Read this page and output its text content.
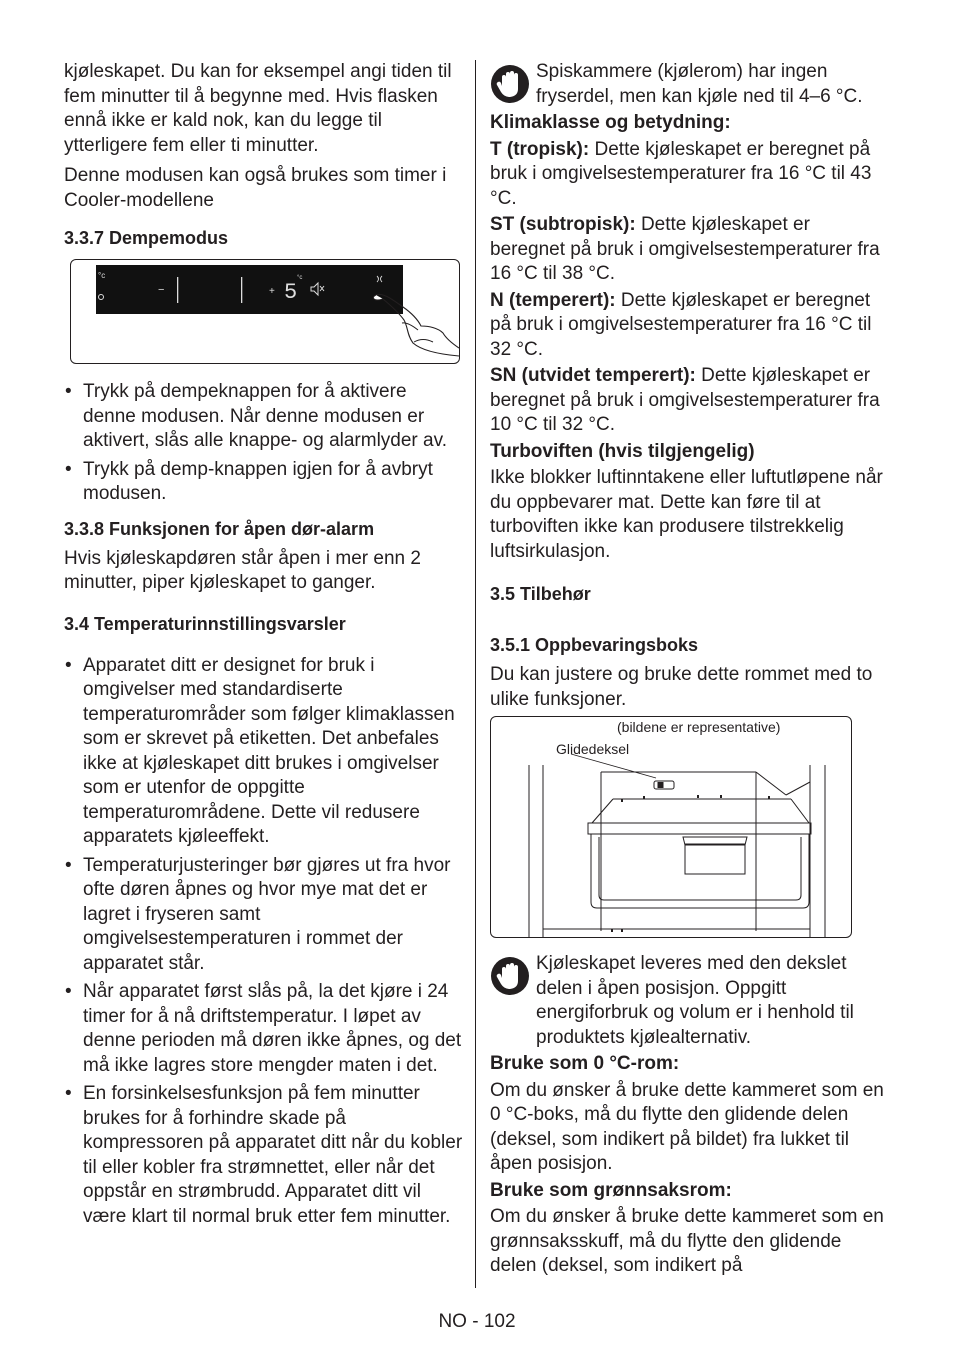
kjøleskapet. Du kan for eksempel angi tiden til fem minutter til å begynne med. Hvis flasken ennå ikke er kald nok, kan du legge til ytterligere fem eller ti minutter.

Denne modusen kan også brukes som timer i Cooler-modellene

3.3.7 Dempemodus
°c
−	+ 5
°c
• Trykk på dempeknappen for å aktivere denne modusen. Når denne modusen er aktivert, slås alle knappe- og alarmlyder av.
• Trykk på demp-knappen igjen for å avbryt modusen.
3.3.8 Funksjonen for åpen dør-alarm

Hvis kjøleskapdøren står åpen i mer enn 2 minutter, piper kjøleskapet to ganger.

3.4 Temperaturinnstillingsvarsler
• Apparatet ditt er designet for bruk i omgivelser med standardiserte temperaturområder som følger klimaklassen som er skrevet på etiketten. Det anbefales ikke at kjøleskapet ditt brukes i omgivelser som er utenfor de oppgitte temperaturområdene. Dette vil redusere apparatets kjøleeffekt.
• Temperaturjusteringer bør gjøres ut fra hvor ofte døren åpnes og hvor mye mat det er lagret i fryseren samt omgivelsestemperaturen i rommet der apparatet står.
• Når apparatet først slås på, la det kjøre i 24 timer for å nå driftstemperatur. I løpet av denne perioden må døren ikke åpnes, og det må ikke lagres store mengder maten i det.
• En forsinkelsesfunksjon på fem minutter brukes for å forhindre skade på kompressoren på apparatet ditt når du kobler til eller kobler fra strømnettet, eller når det oppstår en strømbrudd. Apparatet ditt vil være klart til normal bruk etter fem minutter.
Spiskammere (kjølerom) har ingen fryserdel, men kan kjøle ned til 4–6 °C.

Klimaklasse og betydning:

T (tropisk): Dette kjøleskapet er beregnet på bruk i omgivelsestemperaturer fra 16 °C til 43 °C.

ST (subtropisk): Dette kjøleskapet er beregnet på bruk i omgivelsestemperaturer fra 16 °C til 38 °C.

N (temperert): Dette kjøleskapet er beregnet på bruk i omgivelsestemperaturer fra 16 °C til 32 °C.

SN (utvidet temperert): Dette kjøleskapet er beregnet på bruk i omgivelsestemperaturer fra 10 °C til 32 °C.

Turboviften (hvis tilgjengelig)

Ikke blokker luftinntakene eller luftutløpene når du oppbevarer mat. Dette kan føre til at turboviften ikke kan produsere tilstrekkelig luftsirkulasjon.

3.5 Tilbehør
3.5.1 Oppbevaringsboks

Du kan justere og bruke dette rommet med to ulike funksjoner.

(bildene er representative)
Glidedeksel
Kjøleskapet leveres med den dekslet delen i åpen posisjon. Oppgitt energiforbruk og volum er i henhold til produktets kjølealternativ.

Bruke som 0 °C-rom:

Om du ønsker å bruke dette kammeret som en 0 °C-boks, må du flytte den glidende delen (deksel, som indikert på bildet) fra lukket til åpen posisjon.

Bruke som grønnsaksrom:

Om du ønsker å bruke dette kammeret som en grønnsaksskuff, må du flytte den glidende delen (deksel, som indikert på

NO - 102
